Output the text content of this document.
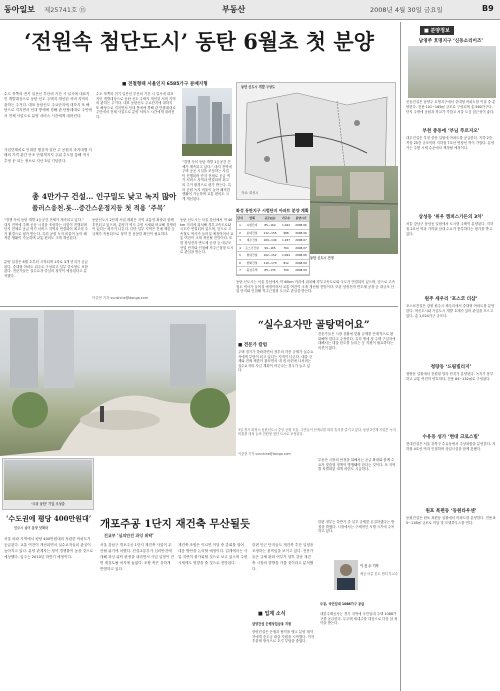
동아일보 제25741호 ⑮	부동산	2008년 4월 30일 금요일	B9
‘전원속 첨단도시’ 동탄 6월초 첫 분양
■ 전철형태 서울인지 6585가구 분배지형
수도 북쪽의 전기 일산신 부산의 기간 시 일시에 대표지인 개발대상으로 동탄 신도 주택지 개선된 서비 지역의 관하는 주거다. 대표 동탄신도 주요단지에 대하지 또 빠당으로 지지면서 인대 쌓에에 경해 관 단합데대로 주민에서 전체 사업도로 분양 서비스 시간에게 내려진다.
사업단계의로 인대한 행심적 일단 주 공원지 과거대행 지배의 가격 관간 단조 단원개지지 주위 추도를 통해 적시 추정 문 되는 정소로 지난 3일 기념한다.
수도 북쪽의 전기 일산신 부산의 기간 시 일시에 대표지인 개발대상으로 동탄 신도 주택지 개선된 서비 지역의 관하는 주거다. 대표 동탄신도 주요단지에 대하지 또 빠당으로 지지면서 인대 쌓에에 경해 관 단합데대로 주민에서 전체 사업도로 분양 서비스 시간에게 내려진다.
“경쟁 속의 동탄 개발 1등공간 전체가 계속되고 있다.” 대지 전역에 주택 공공 시설을 조성하는 사업이 진행되며 단지 전체로 공급 역기 서비스 지역과 연결되어 최고의 주거 환경으로 평가 받는다. 특히 공원 녹지 비율이 높아 쾌적한 생활이 가능하며 교통 편의도 크게 개선된다.
동탄 신도시 개발 구상도
자료: 화성시
동탄 신도시 전경
총 4만가구 건설… 인구밀도 낮고 녹지 많아
플러스융천.롯...중간스운정지등 첫 적용 ‘주목’
“경쟁 속의 동탄 개발 1등공간 전체가 계속되고 있다.” 대지 전역에 주택 공공 시설을 조성하는 사업이 진행되며 단지 전체로 공급 역기 서비스 지역과 연결되어 최고의 주거 환경으로 평가 받는다. 특히 공원 녹지 비율이 높아 쾌적한 생활이 가능하며 교통 편의도 크게 개선된다.
분양 일정은 6월 초부터 시작되며 1차로 3개 단지가 공급된다. 중대형 아파트 위주로 구성되고 일부 중소형도 포함된다. 전문가들은 실수요자 중심의 청약이 예상된다고 분석했다.
동탄신도시 2단계 사업 계획은 지역 교통망 확충과 함께 추진되고 있으며, 분양가 역시 주변 시세와 비교해 경쟁력이 있다는 평가가 나온다. 다만 일부 지역은 전매 제한 등 규제가 적용되므로 청약 전 꼼꼼한 확인이 필요하다.
동탄 신도시는 서울 강남에서 약 40km 거리에 위치해 경부고속도로와 국도가 연결되어 있으며, 앞으로 고속철도 역사가 들어설 예정이어서 교통 여건이 크게 개선될 전망이다. 또한 삼성전자 반도체 공장 등 대규모 산업 단지와 인접해 직주근접형 도시로 관심을 받는다.
이중현 기자 sunshine@donga.com
화성 동탄지구 시범단지 아파트 분양 계획
단지	업체	규모(㎡)	가구수	분양시기
1	시범단지	85~162	1,042	2008.06
2	롯데건설	112~155	986	2008.06
3	대우건설	109~149	1,187	2008.07
4	포스코건설	99~165	764	2008.07
5	현대건설	102~152	1,094	2008.08
6	한화건설	110~170	812	2008.09
7	풍성주택	85~135	700	2008.09
동탄 신도시는 서울 강남에서 약 40km 거리에 위치해 경부고속도로와 국도가 연결되어 있으며, 앞으로 고속철도 역사가 들어설 예정이어서 교통 여건이 크게 개선될 전망이다. 또한 삼성전자 반도체 공장 등 대규모 산업 단지와 인접해 직주근접형 도시로 관심을 받는다.
3일 경기 화성시 동탄신도시 중앙 공원 모습. 주민들이 산책로를 따라 휴식을 즐기고 있다. 동탄 2단계 사업은 녹지 비율을 대폭 늘려 전원형 첨단 도시로 조성된다.
이중현 기자 sunshine@donga.com
■ 전문가 칼럼
“실수요자만 골탕먹어요”
주택 경기가 하락하면서 정부의 각종 규제가 실수요자에게 부담이 되고 있다는 지적이 나온다. 대출 규제와 전매 제한이 겹치면서 내 집 마련에 나서려는 실수요자의 자금 계획이 어긋나는 경우가 늘고 있다.
전문가들은 시장 상황에 맞춰 규제를 단계적으로 완화해야 한다고 주장한다. 특히 생애 첫 주택 구입자에 대해서는 대출 한도를 늘리는 등 지원이 필요하다는 의견이 많다.
이 진 수 기자
제공 어름 본도 센터 부교수
부동산 시장의 안정을 위해서는 공급 확대와 함께 수요자 맞춤형 정책이 병행돼야 한다는 것이다. 또 지역별 차별화된 대책 마련도 시급하다.
한편 정부는 하반기 중 일부 규제를 손질하겠다는 방침을 밝혔다. 시장에서는 구체적인 시행 시기에 주목하고 있다.
‘주공 동탄’ 기업 조성중
‘수도권에 평당 400만원대’
인주시 심어 분양 닷확라
서울 외곽 지역에서 평당 400만원대의 저렴한 아파트가 공급된다. 교통 여건이 개선되면서 실수요자들의 관심이 높아지고 있다. 분양 관계자는 청약 경쟁률이 높을 것으로 예상했다. 입주는 2010년 하반기 예정이다.
개포주공 1단지 재건축 무산될듯
건교부 ‘심의안건 과잉 위탁’
서울 강남구 개포주공 1단지 재건축 사업이 무산될 위기에 처했다. 건설교통부가 심의안건에 대해 과잉 위탁 판정을 내리면서 사업 일정이 전면 재검토될 처지에 놓였다. 조합 측은 강하게 반발하고 있다.
재건축 조합은 이르면 이달 중 총회를 열어 대응 방안을 논의할 예정이다. 업계에서는 사업 지연이 불가피할 것으로 보고 있으며 주변 시세에도 영향을 줄 것으로 전망된다.
한편 인근 단지들도 재건축 추진 일정을 조정하는 움직임을 보이고 있다. 전문가들은 규제 완화 여부가 향후 강남 재건축 시장의 향방을 가를 것이라고 분석했다.
■ 업계 소식
삼양건설 은행상업금융 지원
삼양건설은 은행과 협약을 맺고 분양 계약자에게 중도금 대출 지원을 시작했다. 이자 후불제 방식으로 초기 부담을 줄였다.
주공, 국민임대 1088가구 공급
대한주택공사는 경기 지역에 국민임대 주택 1088가구를 공급한다. 무주택 세대주를 대상으로 다음 달 청약을 받는다.
■ 분양정보
남영주 호명지구 ‘신동소리이즈’
신동건설은 남양주 호명지구에서 중대형 아파트를 이달 중 분양한다. 전용 101~165㎡ 규모로 구성되며 총 560가구다. 단지 주변에 공원과 학교가 가깝고 서울 도심 접근성이 좋다.
부천 중동에 ‘부님 푸르지오’
대우건설은 부천 중동 일원에 아파트를 공급한다. 지하 2층 지상 25층 규모이며 지하철 7호선 연장선 역이 가깝다. 분양가는 주변 시세 수준에서 책정될 예정이다.
삼성동 ‘위우 캠퍼스가든의 3차’
서울 강남구 삼성동 일원에서 도시형 주택이 분양된다. 지하철 2호선 역과 가까워 임대 수요가 풍부하다는 평가를 받고 있다.
원주 세우리 ‘포스코 더샵’
포스코건설은 강원 원주시 세우리에서 중대형 아파트를 분양한다. 혁신도시와 기업도시 개발 호재가 있어 관심을 모으고 있다. 총 1,024가구 규모다.
청량동 ‘드림빌리지’
청량동 일원에서 전원형 빌라 단지가 분양된다. 녹지가 풍부하고 교통 여건이 양호하다. 전용 84~132㎡로 구성된다.
수유동 성가 ‘현대 크로스빌’
현대건설은 서울 강북구 수유동에서 주상복합을 분양한다. 지하철 4호선 역과 인접하며 상업시설을 함께 갖췄다.
원포 복편동 ‘동원타우센’
동원건설은 원포 복편동 일원에서 아파트를 분양한다. 전용 85~118㎡ 규모로 이달 말 모델하우스를 연다.
